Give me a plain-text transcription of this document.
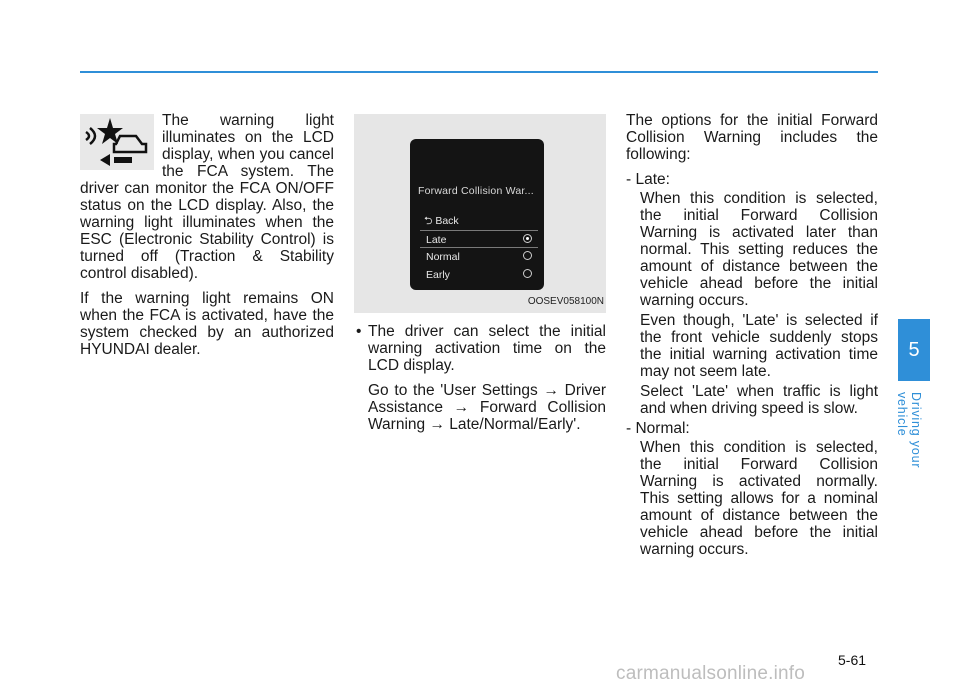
The warning light illuminates on the LCD display, when you cancel the FCA system. The driver can monitor the FCA ON/OFF status on the LCD display. Also, the warning light illuminates when the ESC (Electronic Stability Control) is turned off (Traction & Stability control disabled).

If the warning light remains ON when the FCA is activated, have the system checked by an authorized HYUNDAI dealer.

Forward Collision War...
⮌ Back
Late
Normal
Early
OOSEV058100N
• The driver can select the initial warning activation time on the LCD display.

Go to the 'User Settings → Driver Assistance → Forward Collision Warning → Late/Normal/Early'.

The options for the initial Forward Collision Warning includes the following:

- Late:

When this condition is selected, the initial Forward Collision Warning is activated later than normal. This setting reduces the amount of distance between the vehicle ahead before the initial warning occurs.

Even though, 'Late' is selected if the front vehicle suddenly stops the initial warning activation time may not seem late.

Select 'Late' when traffic is light and when driving speed is slow.

- Normal:

When this condition is selected, the initial Forward Collision Warning is activated normally. This setting allows for a nominal amount of distance between the vehicle ahead before the initial warning occurs.

5
Driving your vehicle
5-61
carmanualsonline.info
